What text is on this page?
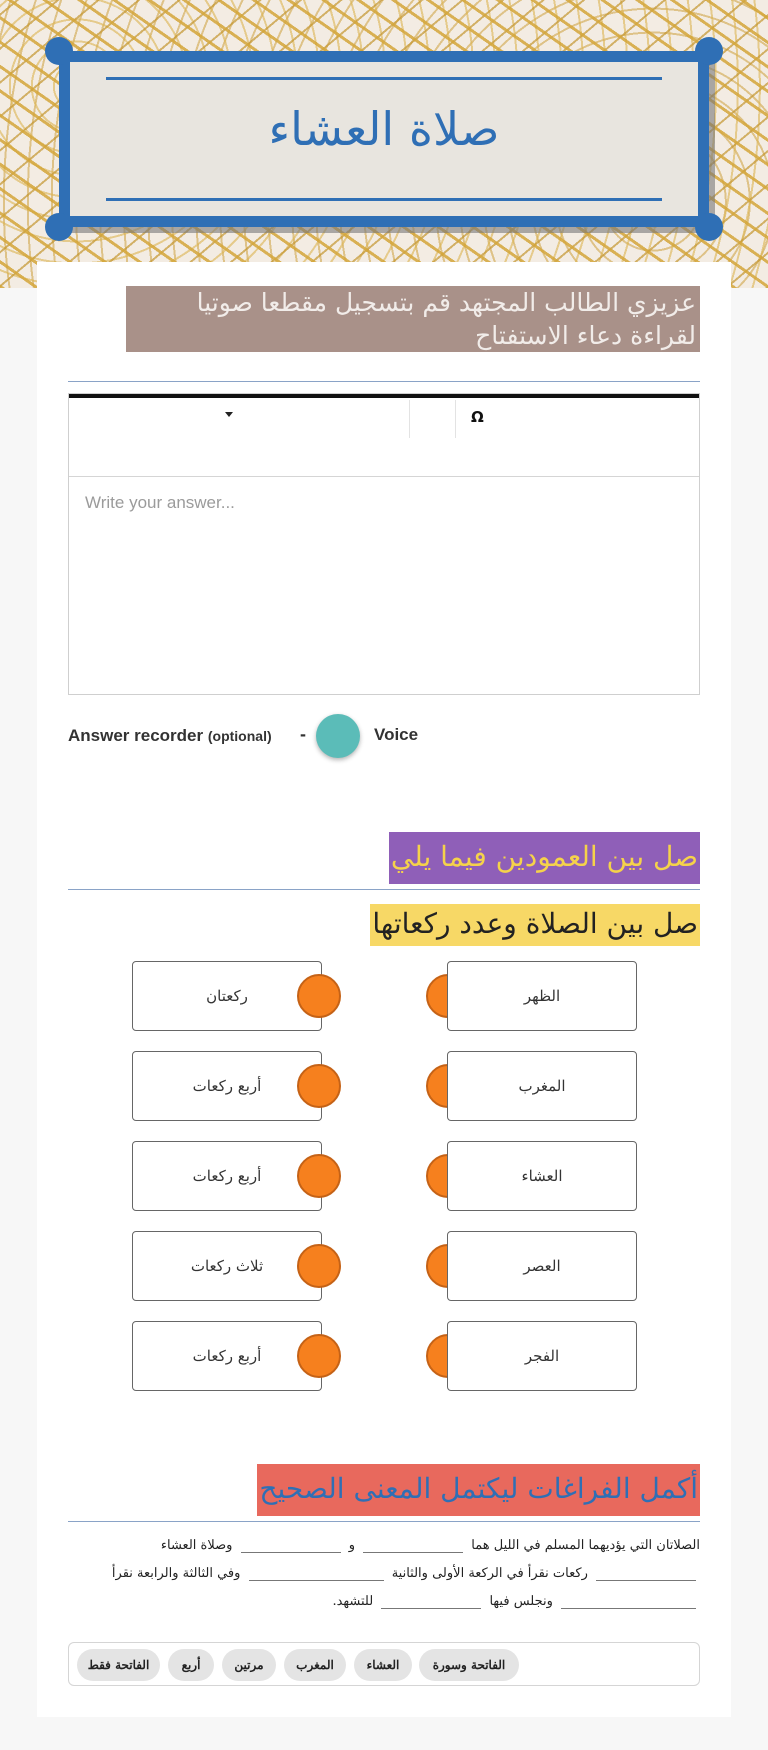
صلاة العشاء
عزيزي الطالب المجتهد قم بتسجيل مقطعا صوتيا لقراءة دعاء الاستفتاح
Ω
Write your answer...
Answer recorder (optional) -	Voice
صل بين العمودين فيما يلي
صل بين الصلاة وعدد ركعاتها
ركعتان	الظهر
أربع ركعات	المغرب
أربع ركعات	العشاء
ثلاث ركعات	العصر
أربع ركعات	الفجر
أكمل الفراغات ليكتمل المعنى الصحيح
الصلاتان التي يؤديهما المسلم في الليل هما  و  وصلاة العشاء
ركعات نقرأ في الركعة الأولى والثانية  وفي الثالثة والرابعة نقرأ
ونجلس فيها  للتشهد.
الفاتحة وسورة
العشاء
المغرب
مرتين
أربع
الفاتحة فقط
